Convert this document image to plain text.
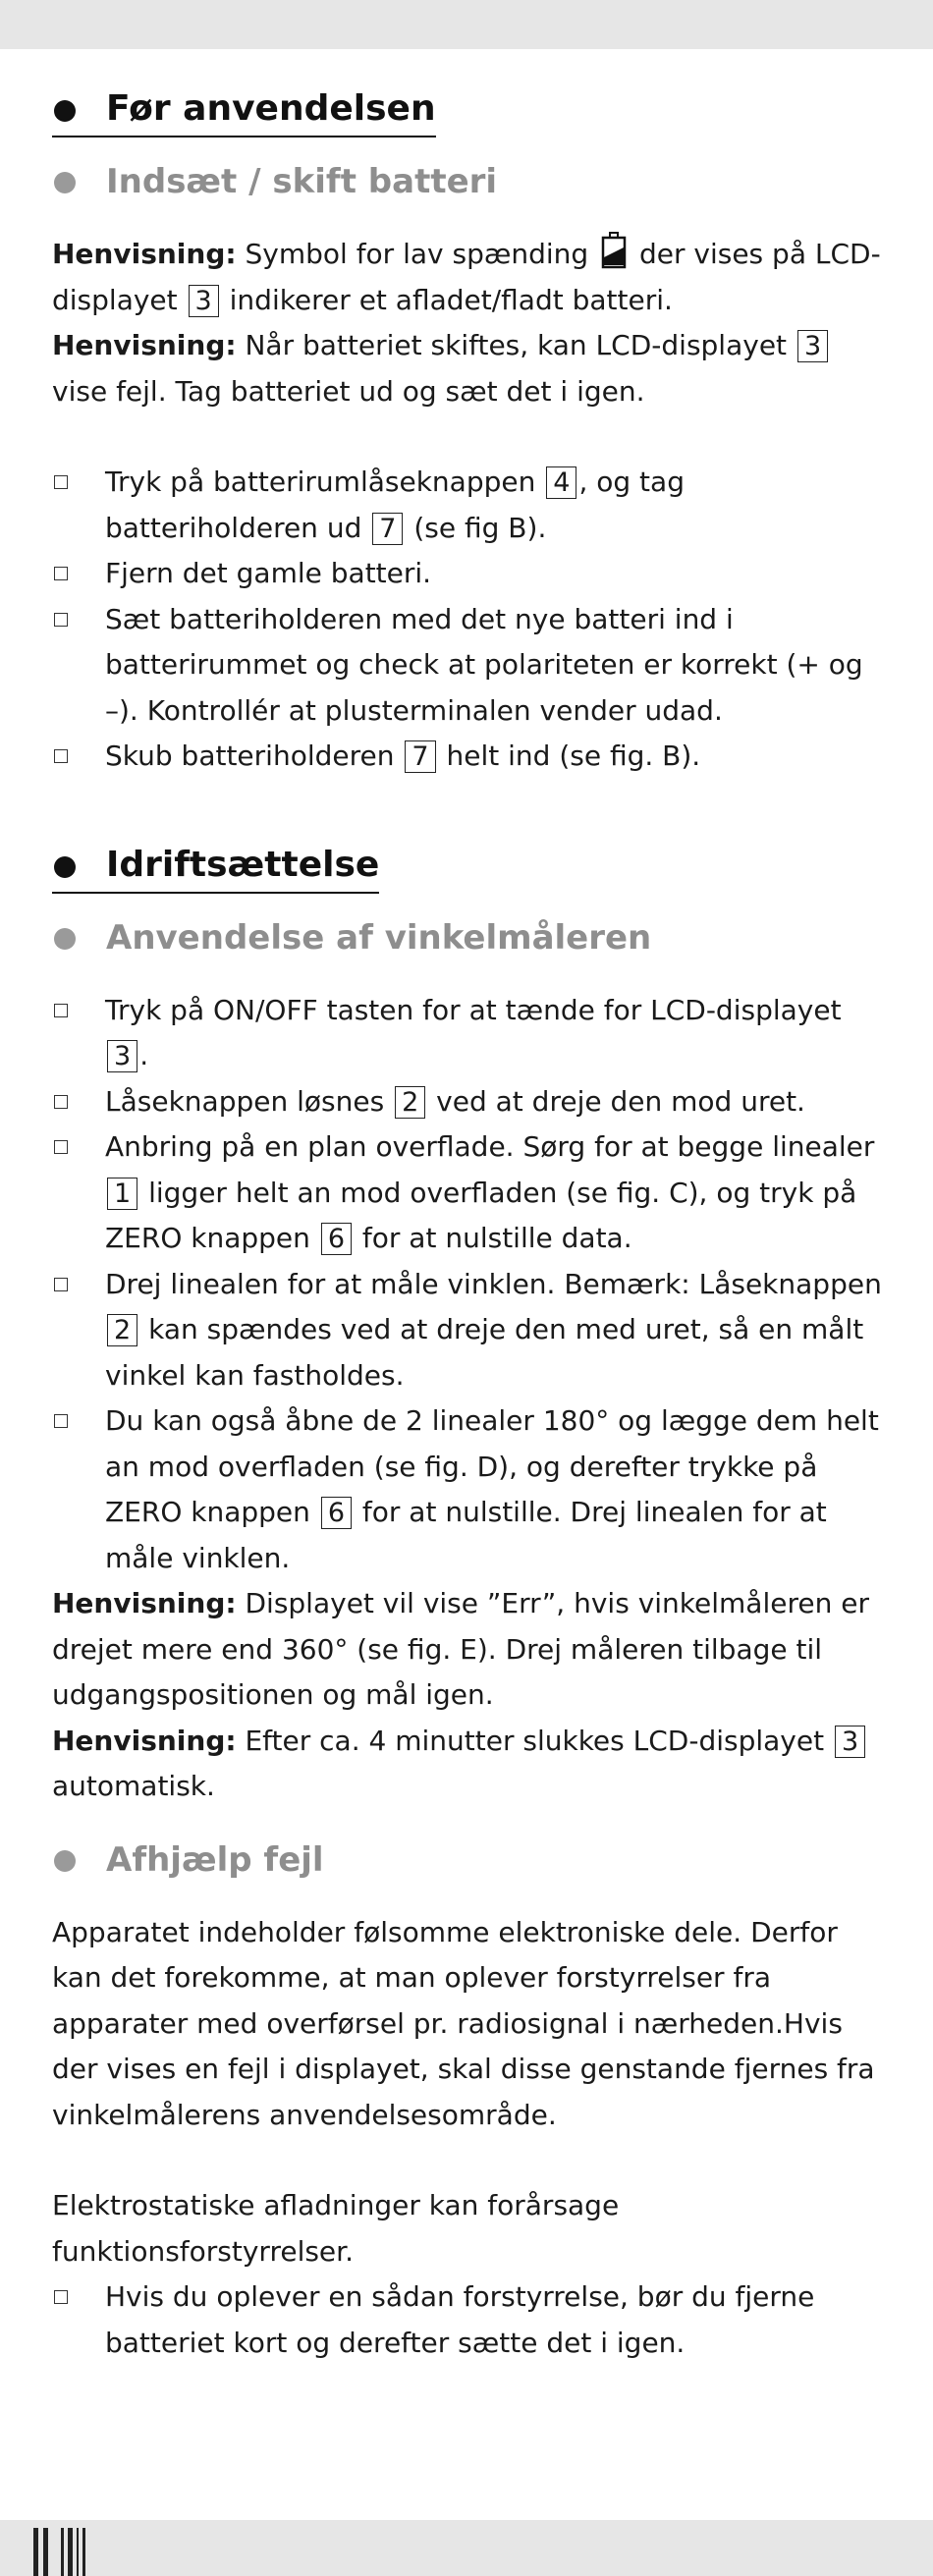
Før anvendelsen
Indsæt / skift batteri

Henvisning: Symbol for lav spænding der vises på LCD-displayet 3 indikerer et afladet/fladt batteri.

Henvisning: Når batteriet skiftes, kan LCD-displayet 3 vise fejl. Tag batteriet ud og sæt det i igen.

Tryk på batterirumlåseknappen 4 , og tag batteriholderen ud 7 (se fig B).
Fjern det gamle batteri.
Sæt batteriholderen med det nye batteri ind i batterirummet og check at polariteten er korrekt (+ og –). Kontrollér at plusterminalen vender udad.
Skub batteriholderen 7 helt ind (se fig. B).
Idriftsættelse
Anvendelse af vinkelmåleren
Tryk på ON/OFF tasten for at tænde for LCD-displayet 3 .
Låseknappen løsnes 2 ved at dreje den mod uret.
Anbring på en plan overflade. Sørg for at begge linealer 1 ligger helt an mod overfladen (se fig. C), og tryk på ZERO knappen 6 for at nulstille data.
Drej linealen for at måle vinklen. Bemærk: Låseknappen 2 kan spændes ved at dreje den med uret, så en målt vinkel kan fastholdes.
Du kan også åbne de 2 linealer 180° og lægge dem helt an mod overfladen (se fig. D), og derefter trykke på ZERO knappen 6 for at nulstille. Drej linealen for at måle vinklen.

Henvisning: Displayet vil vise ”Err”, hvis vinkelmåleren er drejet mere end 360° (se fig. E). Drej måleren tilbage til udgangspositionen og mål igen.

Henvisning: Efter ca. 4 minutter slukkes LCD-displayet 3 automatisk.

Afhjælp fejl

Apparatet indeholder følsomme elektroniske dele. Derfor kan det forekomme, at man oplever forstyrrelser fra apparater med overførsel pr. radiosignal i nærheden.Hvis der vises en fejl i displayet, skal disse genstande fjernes fra vinkelmålerens anvendelsesområde.

Elektrostatiske afladninger kan forårsage funktionsforstyrrelser.

Hvis du oplever en sådan forstyrrelse, bør du fjerne batteriet kort og derefter sætte det i igen.
